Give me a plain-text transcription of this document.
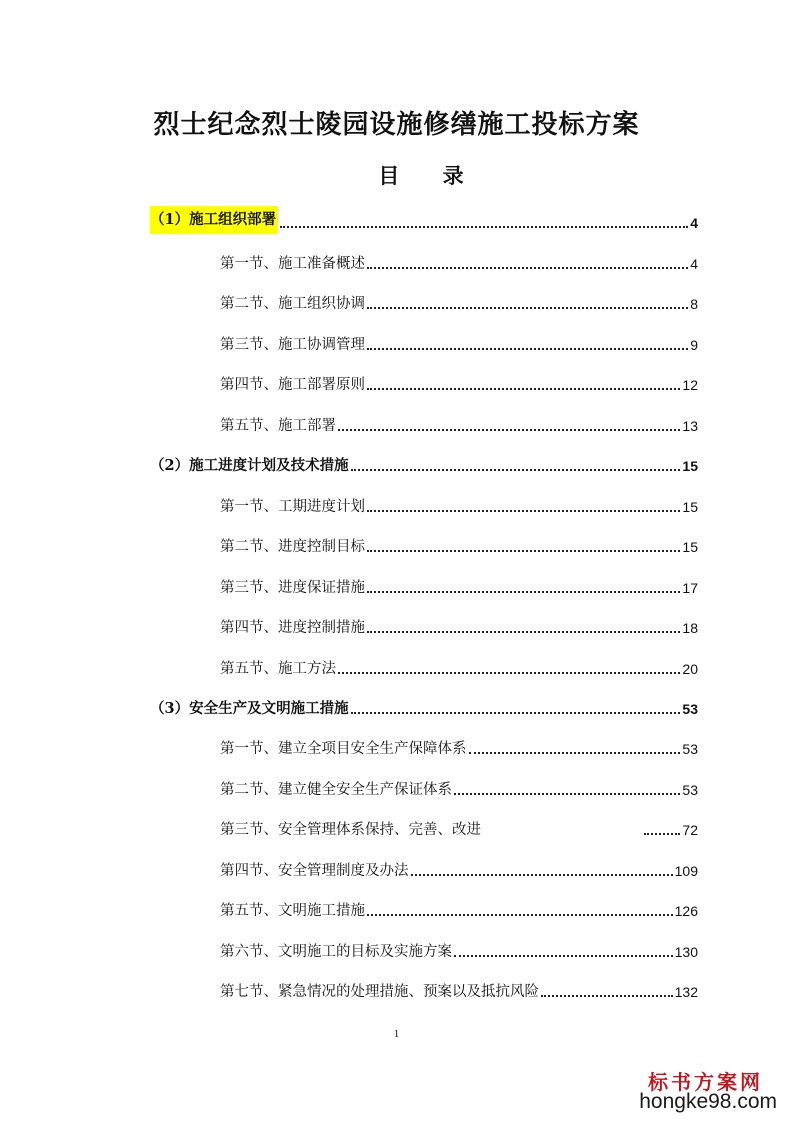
烈士纪念烈士陵园设施修缮施工投标方案
目 录
（1）施工组织部署	4
第一节、施工准备概述	4
第二节、施工组织协调	8
第三节、施工协调管理	9
第四节、施工部署原则	12
第五节、施工部署	13
（2）施工进度计划及技术措施	15
第一节、工期进度计划	15
第二节、进度控制目标	15
第三节、进度保证措施	17
第四节、进度控制措施	18
第五节、施工方法	20
（3）安全生产及文明施工措施	53
第一节、建立全项目安全生产保障体系	53
第二节、建立健全安全生产保证体系	53
第三节、安全管理体系保持、完善、改进	72
第四节、安全管理制度及办法	109
第五节、文明施工措施	126
第六节、文明施工的目标及实施方案	130
第七节、紧急情况的处理措施、预案以及抵抗风险	132
1
标书方案网
hongke98.com
